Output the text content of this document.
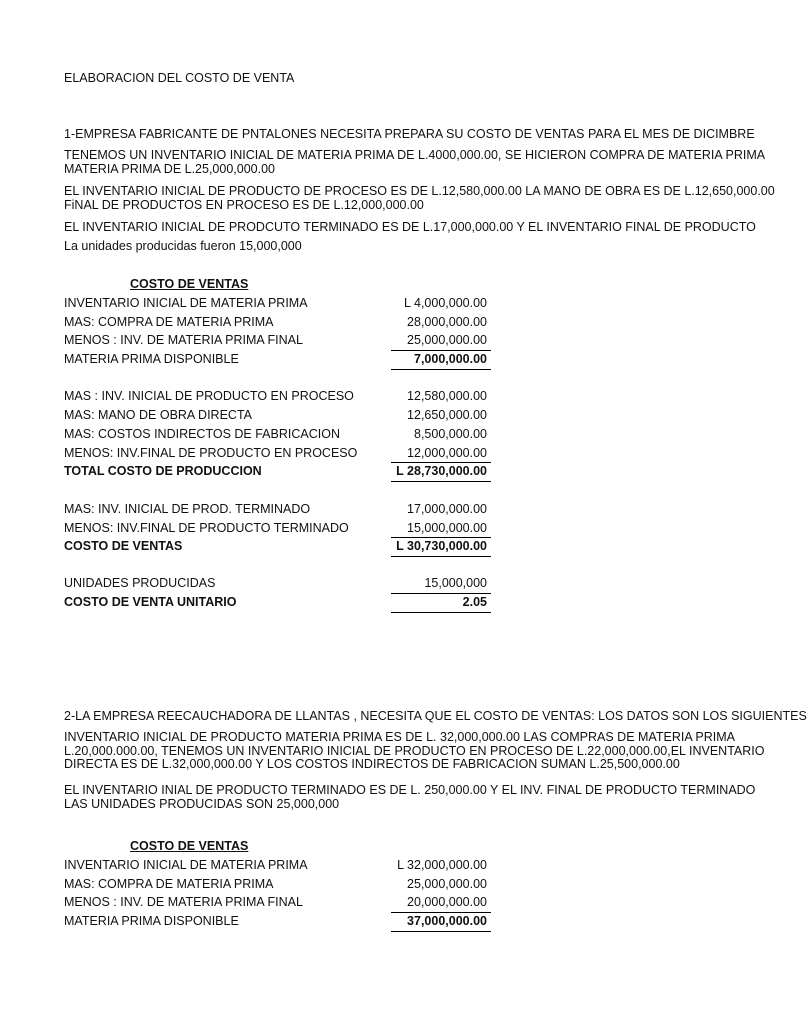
ELABORACION DEL COSTO DE VENTA
1-EMPRESA FABRICANTE DE PNTALONES NECESITA PREPARA SU COSTO DE VENTAS PARA EL MES DE DICIMBRE
TENEMOS UN INVENTARIO INICIAL DE MATERIA PRIMA DE L.4000,000.00, SE HICIERON COMPRA DE MATERIA PRIMA
MATERIA PRIMA DE L.25,000,000.00
EL INVENTARIO INICIAL DE PRODUCTO DE PROCESO ES DE L.12,580,000.00 LA MANO DE OBRA ES DE L.12,650,000.00
FiNAL DE PRODUCTOS EN PROCESO ES DE L.12,000,000.00
EL INVENTARIO INICIAL DE PRODCUTO TERMINADO ES DE L.17,000,000.00 Y EL INVENTARIO FINAL DE PRODUCTO
La unidades producidas fueron 15,000,000
COSTO DE VENTAS
INVENTARIO INICIAL DE MATERIA PRIMA	L 4,000,000.00
MAS: COMPRA DE MATERIA PRIMA	28,000,000.00
MENOS : INV. DE MATERIA PRIMA FINAL	25,000,000.00
MATERIA PRIMA DISPONIBLE	7,000,000.00
MAS : INV. INICIAL DE PRODUCTO EN PROCESO	12,580,000.00
MAS: MANO DE OBRA DIRECTA	12,650,000.00
MAS: COSTOS INDIRECTOS DE FABRICACION	8,500,000.00
MENOS: INV.FINAL DE PRODUCTO EN PROCESO	12,000,000.00
TOTAL COSTO DE PRODUCCION	L 28,730,000.00
MAS: INV. INICIAL DE PROD. TERMINADO	17,000,000.00
MENOS: INV.FINAL DE PRODUCTO TERMINADO	15,000,000.00
COSTO DE VENTAS	L 30,730,000.00
UNIDADES PRODUCIDAS	15,000,000
COSTO DE VENTA UNITARIO	2.05
2-LA EMPRESA REECAUCHADORA DE LLANTAS , NECESITA QUE EL COSTO DE VENTAS: LOS DATOS SON LOS SIGUIENTES
INVENTARIO INICIAL DE PRODUCTO MATERIA PRIMA ES DE L. 32,000,000.00 LAS COMPRAS DE MATERIA PRIMA
L.20,000.000.00, TENEMOS UN INVENTARIO INICIAL DE PRODUCTO EN PROCESO DE L.22,000,000.00,EL INVENTARIO
DIRECTA ES DE L.32,000,000.00 Y LOS COSTOS INDIRECTOS DE FABRICACION SUMAN L.25,500,000.00
EL INVENTARIO INIAL DE PRODUCTO TERMINADO ES DE L. 250,000.00 Y EL INV. FINAL DE PRODUCTO TERMINADO
LAS UNIDADES PRODUCIDAS SON 25,000,000
COSTO DE VENTAS
INVENTARIO INICIAL DE MATERIA PRIMA	L 32,000,000.00
MAS: COMPRA DE MATERIA PRIMA	25,000,000.00
MENOS : INV. DE MATERIA PRIMA FINAL	20,000,000.00
MATERIA PRIMA DISPONIBLE	37,000,000.00
